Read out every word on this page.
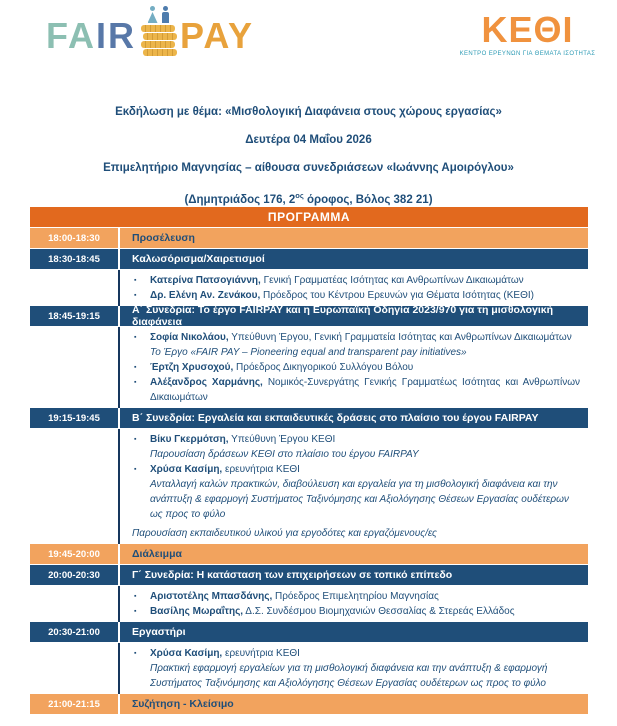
FAIR PAY	ΚΕΘΙ
ΚΕΝΤΡΟ ΕΡΕΥΝΩΝ ΓΙΑ ΘΕΜΑΤΑ ΙΣΟΤΗΤΑΣ
Εκδήλωση με θέμα: «Μισθολογική Διαφάνεια στους χώρους εργασίας»
Δευτέρα 04 Μαΐου 2026
Επιμελητήριο Μαγνησίας – αίθουσα συνεδριάσεων «Ιωάννης Αμοιρόγλου»
(Δημητριάδος 176, $2^{o\varsigma}$ όροφος, Βόλος 382 21)
ΠΡΟΓΡΑΜΜΑ
18:00-18:30	Προσέλευση
18:30-18:45	Καλωσόρισμα/Χαιρετισμοί
▪ Κατερίνα Πατσογιάννη, Γενική Γραμματέας Ισότητας και Ανθρωπίνων Δικαιωμάτων
▪ Δρ. Ελένη Αν. Ζενάκου, Πρόεδρος του Κέντρου Ερευνών για Θέματα Ισότητας (ΚΕΘΙ)
18:45-19:15	Α΄ Συνεδρία: Το έργο FAIRPAY και η Ευρωπαϊκή Οδηγία 2023/970 για τη μισθολογική διαφάνεια
▪ Σοφία Νικολάου, Υπεύθυνη Έργου, Γενική Γραμματεία Ισότητας και Ανθρωπίνων Δικαιωμάτων
Το Έργο «FAIR PAY – Pioneering equal and transparent pay initiatives»
▪ Έρτζη Χρυσοχού, Πρόεδρος Δικηγορικού Συλλόγου Βόλου
▪ Αλέξανδρος Χαρμάνης, Νομικός-Συνεργάτης Γενικής Γραμματέως Ισότητας και Ανθρωπίνων Δικαιωμάτων
19:15-19:45	Β΄ Συνεδρία: Εργαλεία και εκπαιδευτικές δράσεις στο πλαίσιο του έργου FAIRPAY
▪ Βίκυ Γκερμότση, Υπεύθυνη Έργου ΚΕΘΙ
Παρουσίαση δράσεων ΚΕΘΙ στο πλαίσιο του έργου FAIRPAY
▪ Χρύσα Κασίμη, ερευνήτρια ΚΕΘΙ
Ανταλλαγή καλών πρακτικών, διαβούλευση και εργαλεία για τη μισθολογική διαφάνεια και την ανάπτυξη & εφαρμογή Συστήματος Ταξινόμησης και Αξιολόγησης Θέσεων Εργασίας ουδέτερων ως προς το φύλο
Παρουσίαση εκπαιδευτικού υλικού για εργοδότες και εργαζόμενους/ες
19:45-20:00	Διάλειμμα
20:00-20:30	Γ΄ Συνεδρία: Η κατάσταση των επιχειρήσεων σε τοπικό επίπεδο
▪ Αριστοτέλης Μπασδάνης, Πρόεδρος Επιμελητηρίου Μαγνησίας
▪ Βασίλης Μωραΐτης, Δ.Σ. Συνδέσμου Βιομηχανιών Θεσσαλίας & Στερεάς Ελλάδος
20:30-21:00	Εργαστήρι
▪ Χρύσα Κασίμη, ερευνήτρια ΚΕΘΙ
Πρακτική εφαρμογή εργαλείων για τη μισθολογική διαφάνεια και την ανάπτυξη & εφαρμογή Συστήματος Ταξινόμησης και Αξιολόγησης Θέσεων Εργασίας ουδέτερων ως προς το φύλο
21:00-21:15	Συζήτηση - Κλείσιμο
